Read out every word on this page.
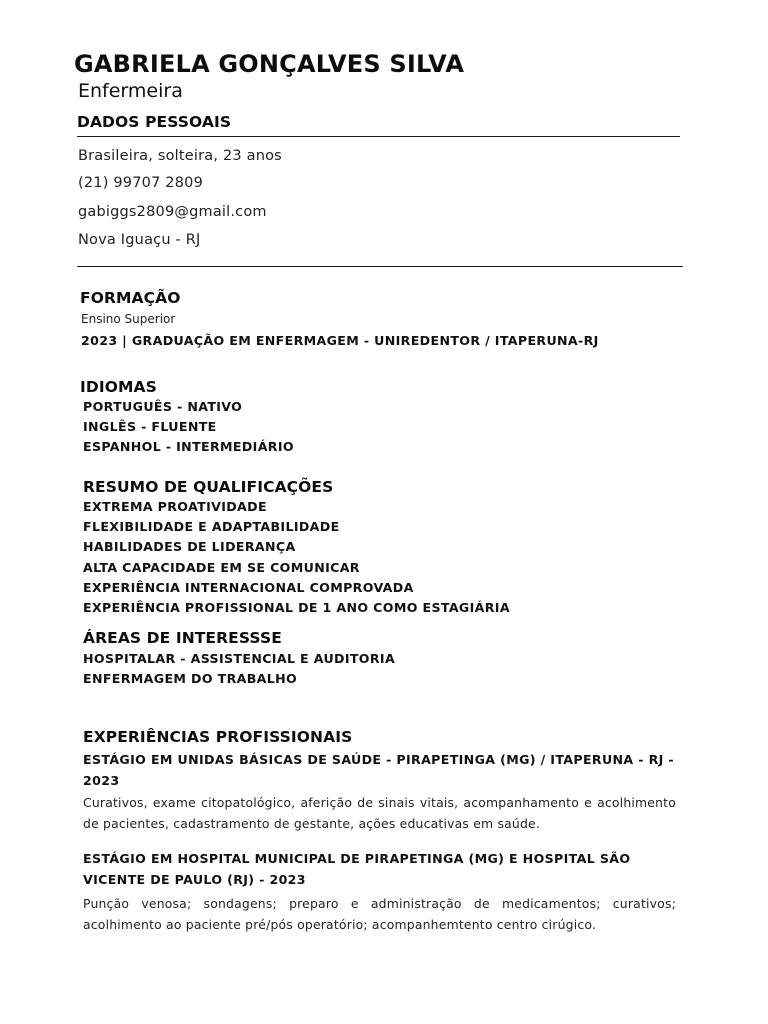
GABRIELA GONÇALVES SILVA
Enfermeira
DADOS PESSOAIS
Brasileira, solteira, 23 anos
(21) 99707 2809
gabiggs2809@gmail.com
Nova Iguaçu - RJ
FORMAÇÃO
Ensino Superior
2023 | GRADUAÇÃO EM ENFERMAGEM - UNIREDENTOR / ITAPERUNA-RJ
IDIOMAS
PORTUGUÊS - NATIVO
INGLÊS - FLUENTE
ESPANHOL - INTERMEDIÁRIO
RESUMO DE QUALIFICAÇÕES
EXTREMA PROATIVIDADE
FLEXIBILIDADE E ADAPTABILIDADE
HABILIDADES DE LIDERANÇA
ALTA CAPACIDADE EM SE COMUNICAR
EXPERIÊNCIA INTERNACIONAL COMPROVADA
EXPERIÊNCIA PROFISSIONAL DE 1 ANO COMO ESTAGIÁRIA
ÁREAS DE INTERESSSE
HOSPITALAR - ASSISTENCIAL E AUDITORIA
ENFERMAGEM DO TRABALHO
EXPERIÊNCIAS PROFISSIONAIS
ESTÁGIO EM UNIDAS BÁSICAS DE SAÚDE - PIRAPETINGA (MG) / ITAPERUNA - RJ - 2023
Curativos, exame citopatológico, aferição de sinais vitais, acompanhamento e acolhimento de pacientes, cadastramento de gestante, ações educativas em saúde.
ESTÁGIO EM HOSPITAL MUNICIPAL DE PIRAPETINGA (MG) E HOSPITAL SÃO VICENTE DE PAULO (RJ) - 2023
Punção venosa; sondagens; preparo e administração de medicamentos; curativos; acolhimento ao paciente pré/pós operatório; acompanhemtento centro cirúgico.
